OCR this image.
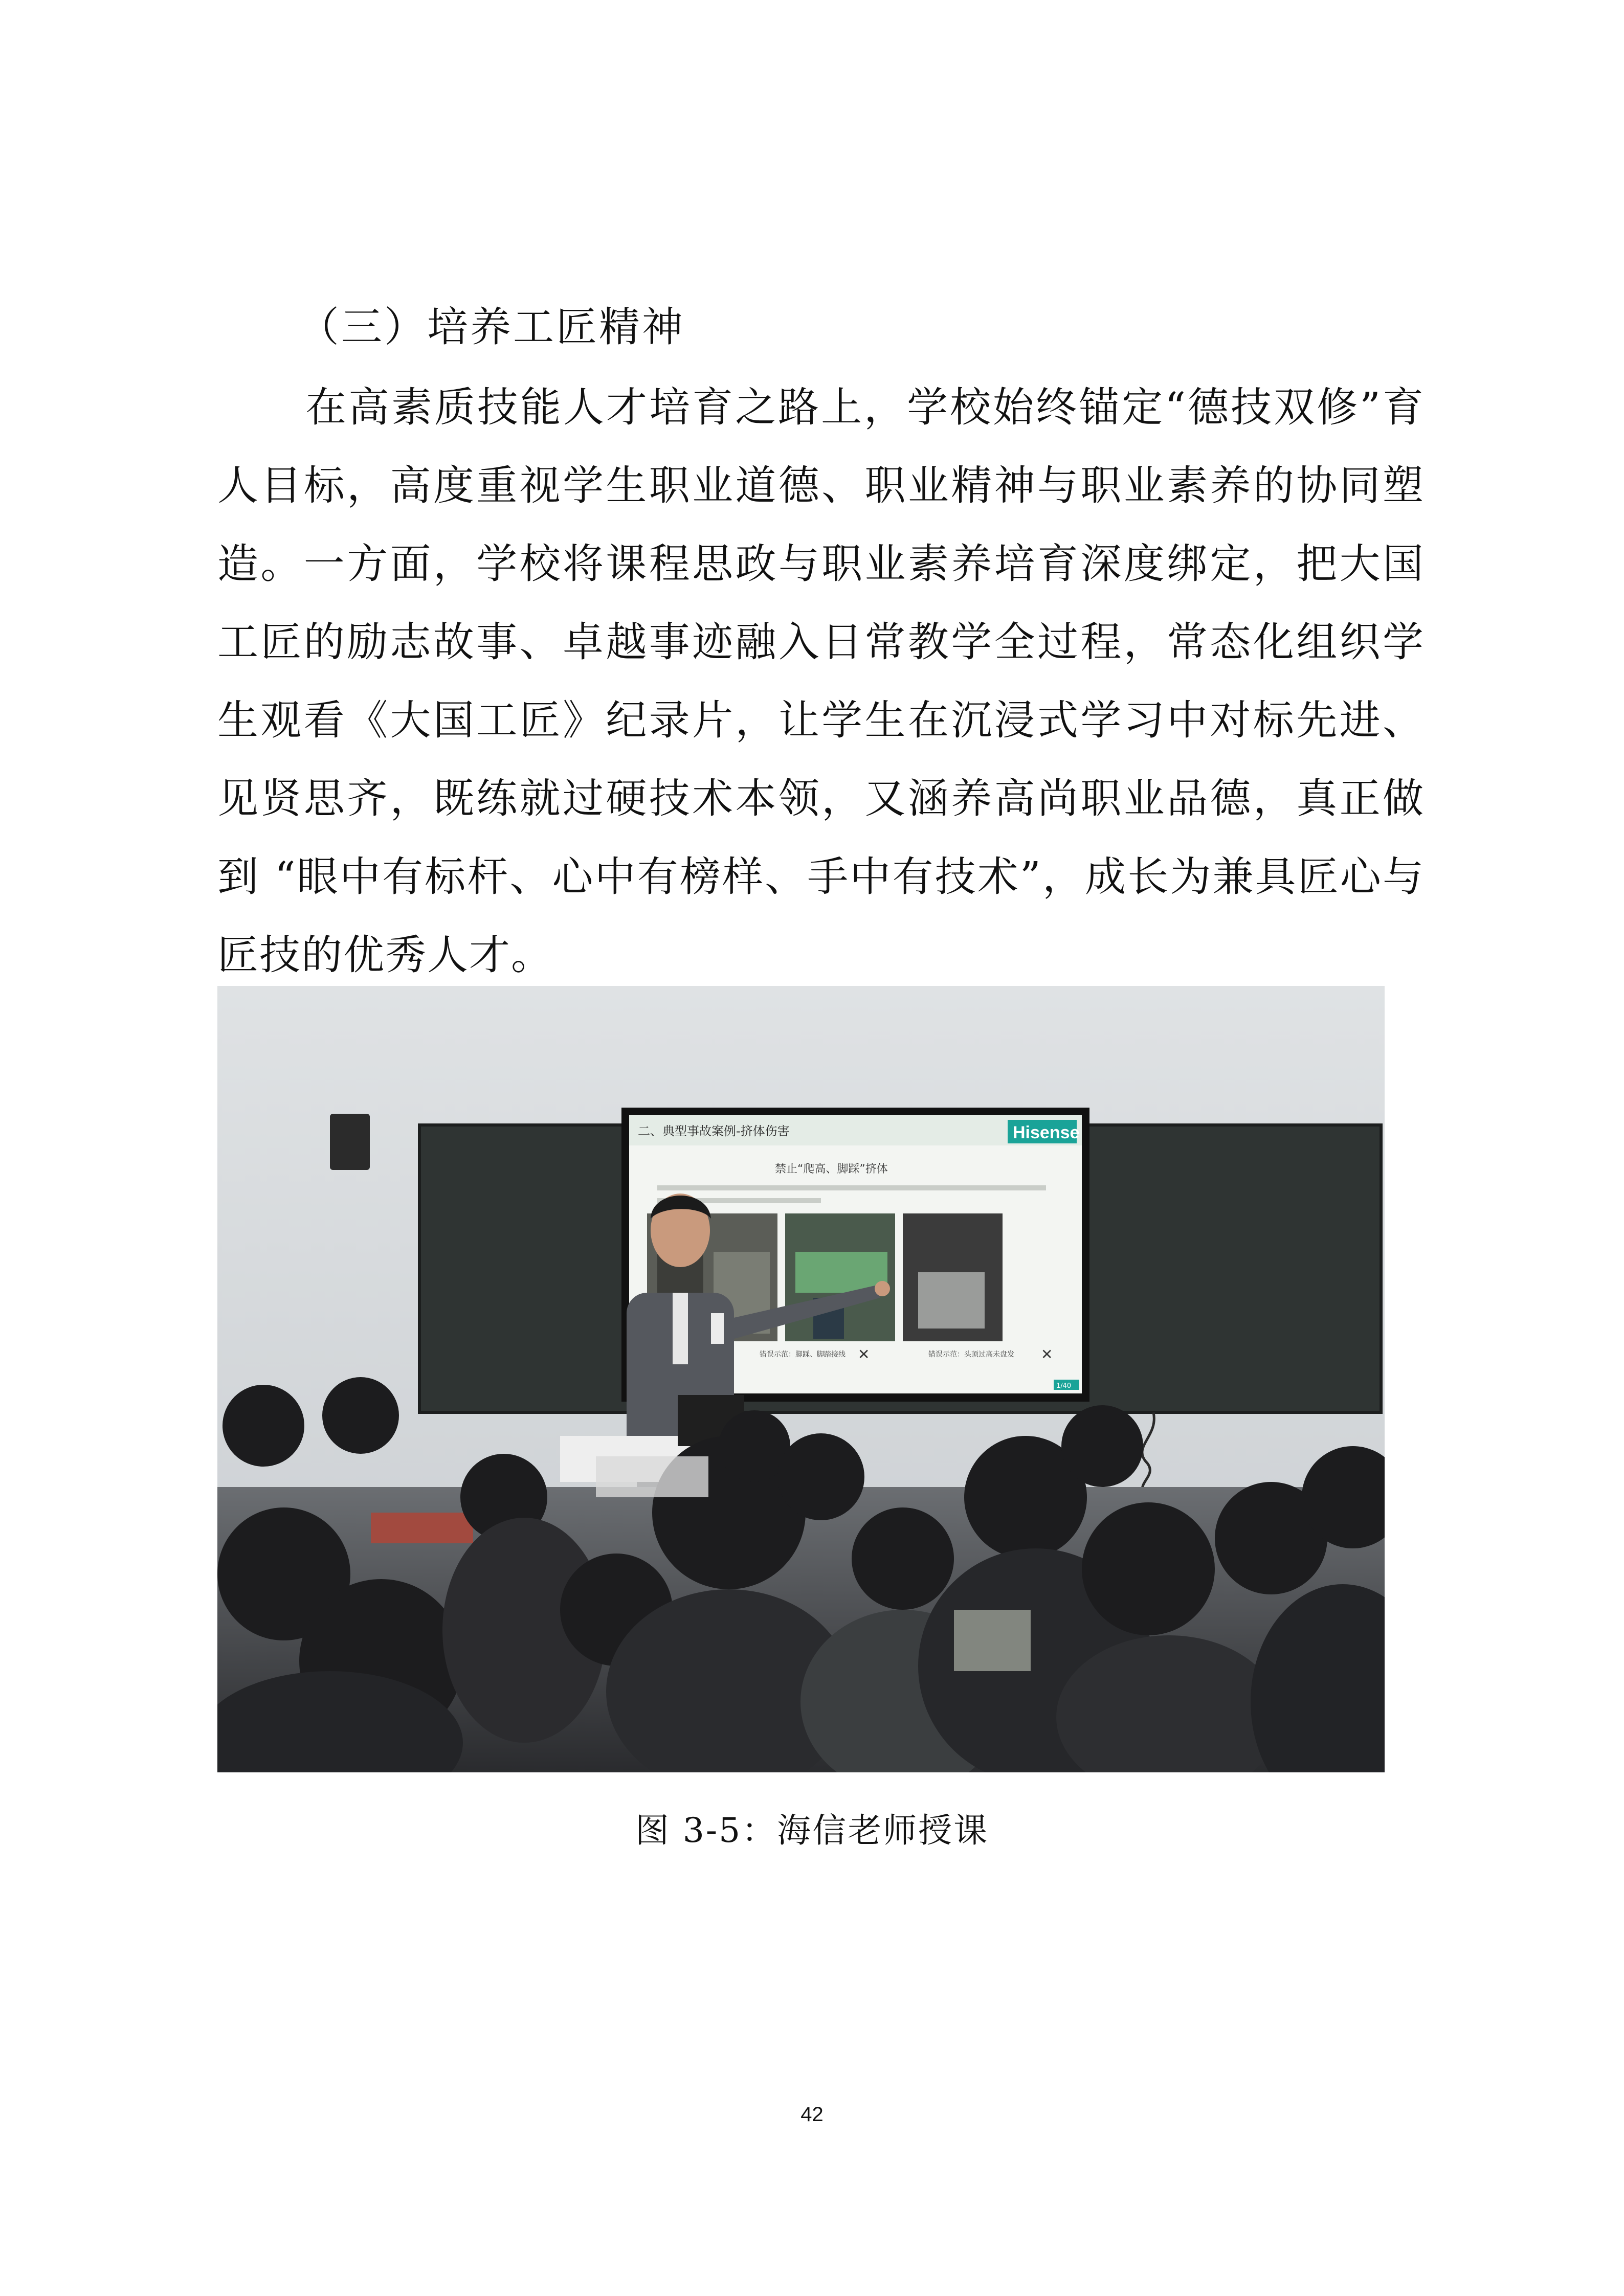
（三）培养工匠精神
在高素质技能人才培育之路上，学校始终锚定“德技双修”育人目标，高度重视学生职业道德、职业精神与职业素养的协同塑造。一方面，学校将课程思政与职业素养培育深度绑定，把大国工匠的励志故事、卓越事迹融入日常教学全过程，常态化组织学生观看《大国工匠》纪录片，让学生在沉浸式学习中对标先进、见贤思齐，既练就过硬技术本领，又涵养高尚职业品德，真正做到 “眼中有标杆、心中有榜样、手中有技术”，成长为兼具匠心与匠技的优秀人才。
二、典型事故案例-挤体伤害	Hisense
禁止“爬高、脚踩”挤体
错误示范：脚踩、脚踏接线	错误示范：头顶过高未盘发
✕	✕
1/40
图 3-5：海信老师授课
42
